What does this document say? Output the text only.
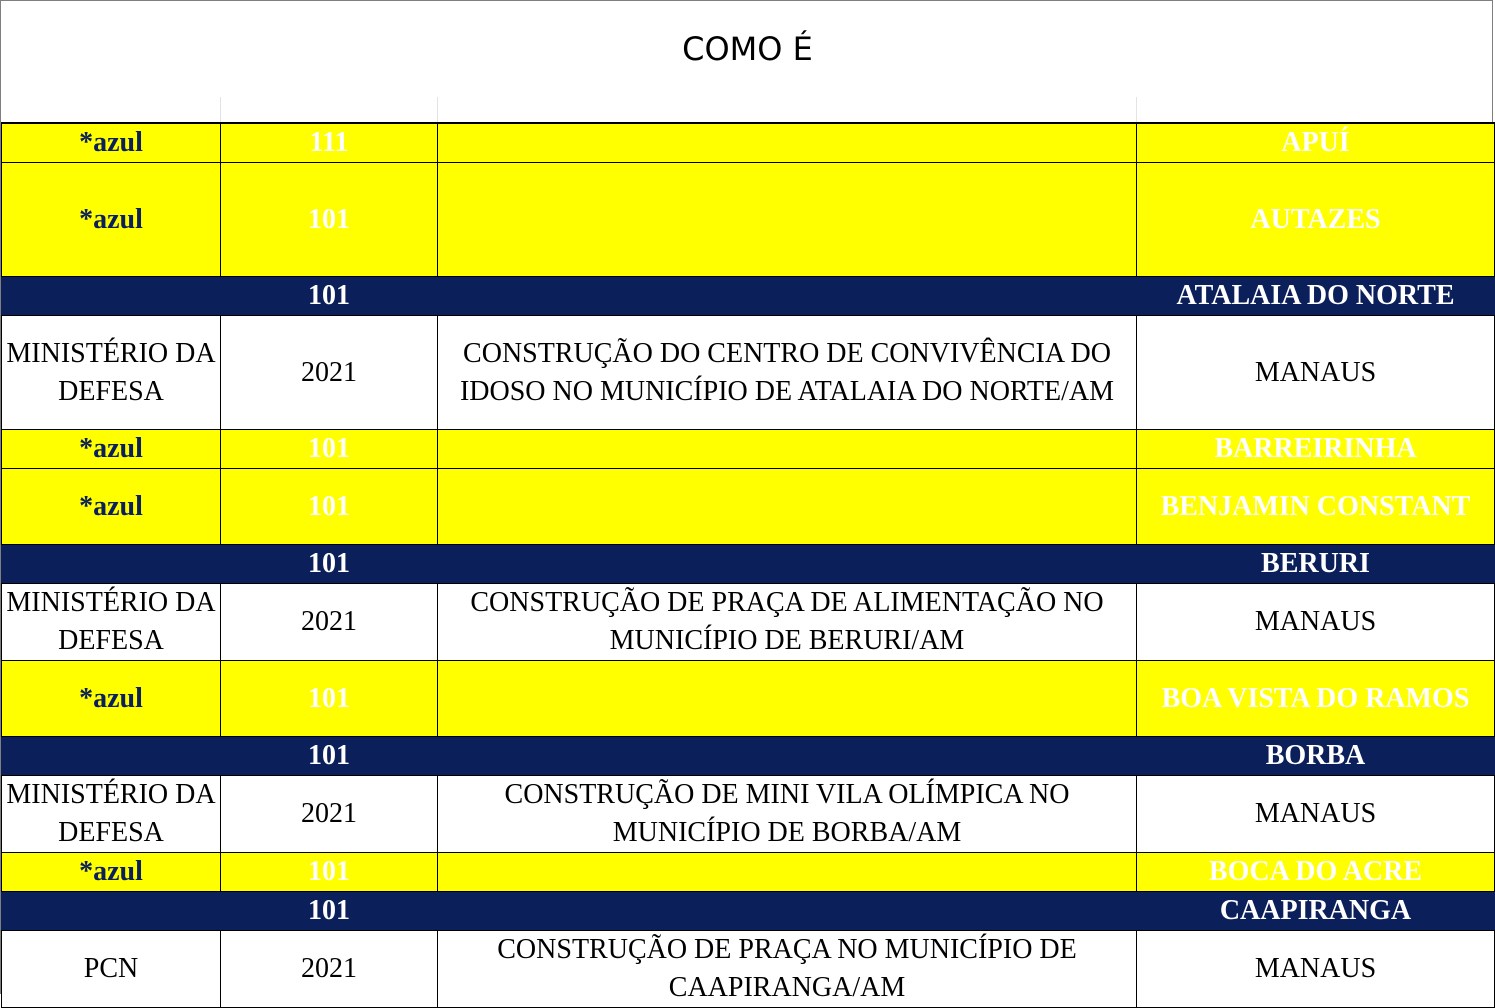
COMO É

*azul	111		APUÍ
*azul	101		AUTAZES
	101		ATALAIA DO NORTE
MINISTÉRIO DA DEFESA	2021	CONSTRUÇÃO DO CENTRO DE CONVIVÊNCIA DO IDOSO NO MUNICÍPIO DE ATALAIA DO NORTE/AM	MANAUS
*azul	101		BARREIRINHA
*azul	101		BENJAMIN CONSTANT
	101		BERURI
MINISTÉRIO DA DEFESA	2021	CONSTRUÇÃO DE PRAÇA DE ALIMENTAÇÃO NO MUNICÍPIO DE BERURI/AM	MANAUS
*azul	101		BOA VISTA DO RAMOS
	101		BORBA
MINISTÉRIO DA DEFESA	2021	CONSTRUÇÃO DE MINI VILA OLÍMPICA NO MUNICÍPIO DE BORBA/AM	MANAUS
*azul	101		BOCA DO ACRE
	101		CAAPIRANGA
PCN	2021	CONSTRUÇÃO DE PRAÇA NO MUNICÍPIO DE CAAPIRANGA/AM	MANAUS
